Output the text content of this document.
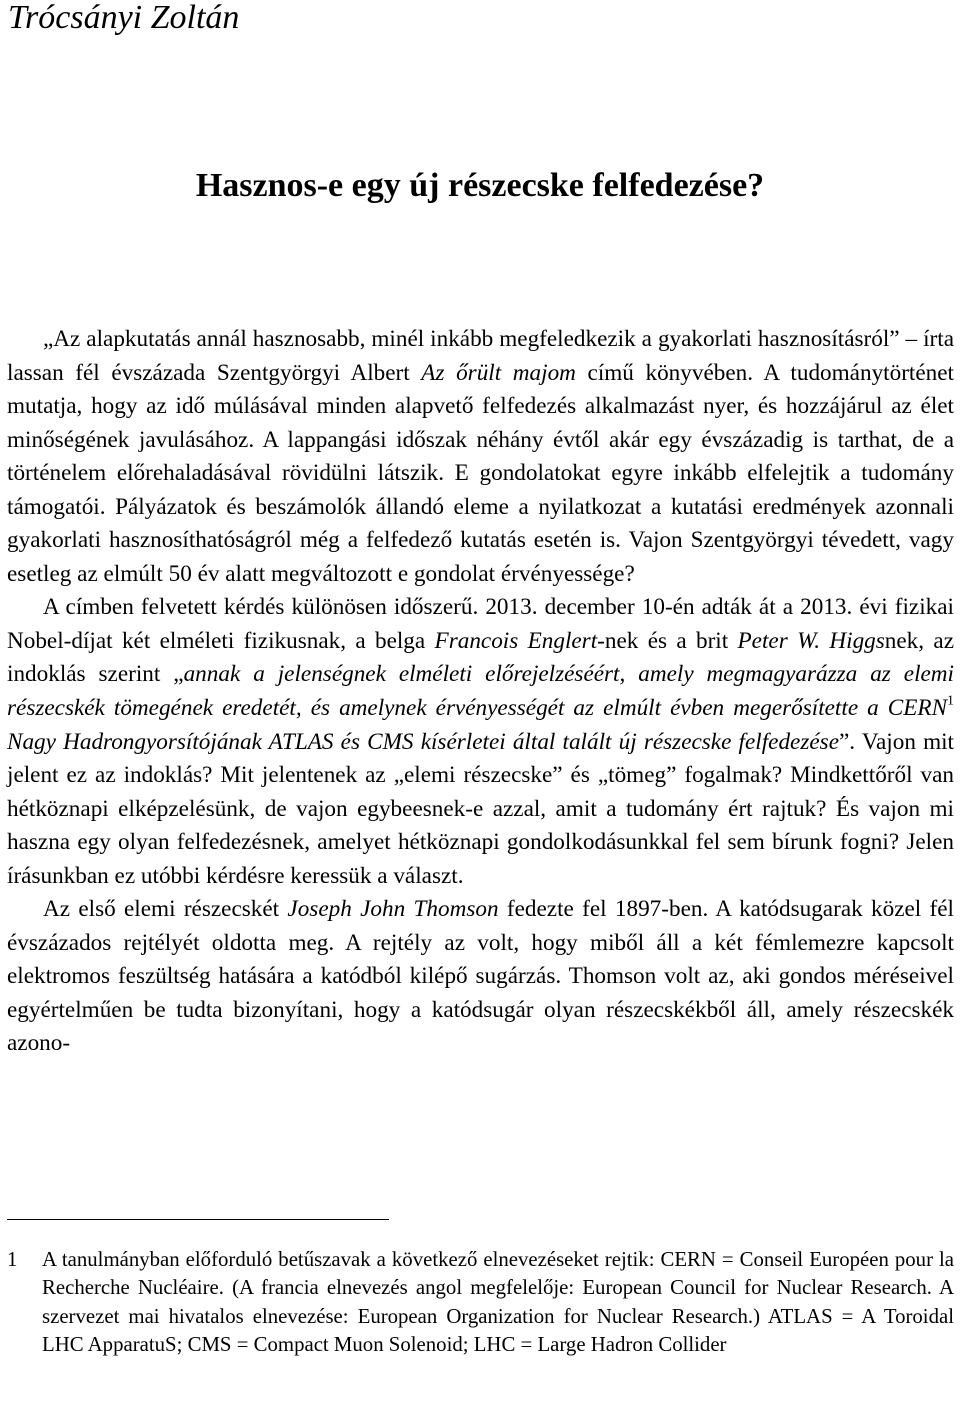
Trócsányi Zoltán
Hasznos-e egy új részecske felfedezése?

„Az alapkutatás annál hasznosabb, minél inkább megfeledkezik a gyakorlati hasznosításról” – írta lassan fél évszázada Szentgyörgyi Albert Az őrült majom című könyvében. A tudománytörténet mutatja, hogy az idő múlásával minden alapvető felfedezés alkalmazást nyer, és hozzájárul az élet minőségének javulásához. A lappangási időszak néhány évtől akár egy évszázadig is tarthat, de a történelem előrehaladásával rövidülni látszik. E gondolatokat egyre inkább elfelejtik a tudomány támogatói. Pályázatok és beszámolók állandó eleme a nyilatkozat a kutatási eredmények azonnali gyakorlati hasznosíthatóságról még a felfedező kutatás esetén is. Vajon Szentgyörgyi tévedett, vagy esetleg az elmúlt 50 év alatt megváltozott e gondolat érvényessége?

A címben felvetett kérdés különösen időszerű. 2013. december 10-én adták át a 2013. évi fizikai Nobel-díjat két elméleti fizikusnak, a belga Francois Englert-nek és a brit Peter W. Higgsnek, az indoklás szerint „annak a jelenségnek elméleti előrejelzéséért, amely megmagyarázza az elemi részecskék tömegének eredetét, és amelynek érvényességét az elmúlt évben megerősítette a CERN$^1$ Nagy Hadrongyorsítójának ATLAS és CMS kísérletei által talált új részecske felfedezése”. Vajon mit jelent ez az indoklás? Mit jelentenek az „elemi részecske” és „tömeg” fogalmak? Mindkettőről van hétköznapi elképzelésünk, de vajon egybeesnek-e azzal, amit a tudomány ért rajtuk? És vajon mi haszna egy olyan felfedezésnek, amelyet hétköznapi gondolkodásunkkal fel sem bírunk fogni? Jelen írásunkban ez utóbbi kérdésre keressük a választ.

Az első elemi részecskét Joseph John Thomson fedezte fel 1897-ben. A katódsugarak közel fél évszázados rejtélyét oldotta meg. A rejtély az volt, hogy miből áll a két fémlemezre kapcsolt elektromos feszültség hatására a katódból kilépő sugárzás. Thomson volt az, aki gondos méréseivel egyértelműen be tudta bizonyítani, hogy a katódsugár olyan részecskékből áll, amely részecskék azono-

1 A tanulmányban előforduló betűszavak a következő elnevezéseket rejtik: CERN = Conseil Européen pour la Recherche Nucléaire. (A francia elnevezés angol megfelelője: European Council for Nuclear Research. A szervezet mai hivatalos elnevezése: European Organization for Nuclear Research.) ATLAS = A Toroidal LHC ApparatuS; CMS = Compact Muon Solenoid; LHC = Large Hadron Collider
